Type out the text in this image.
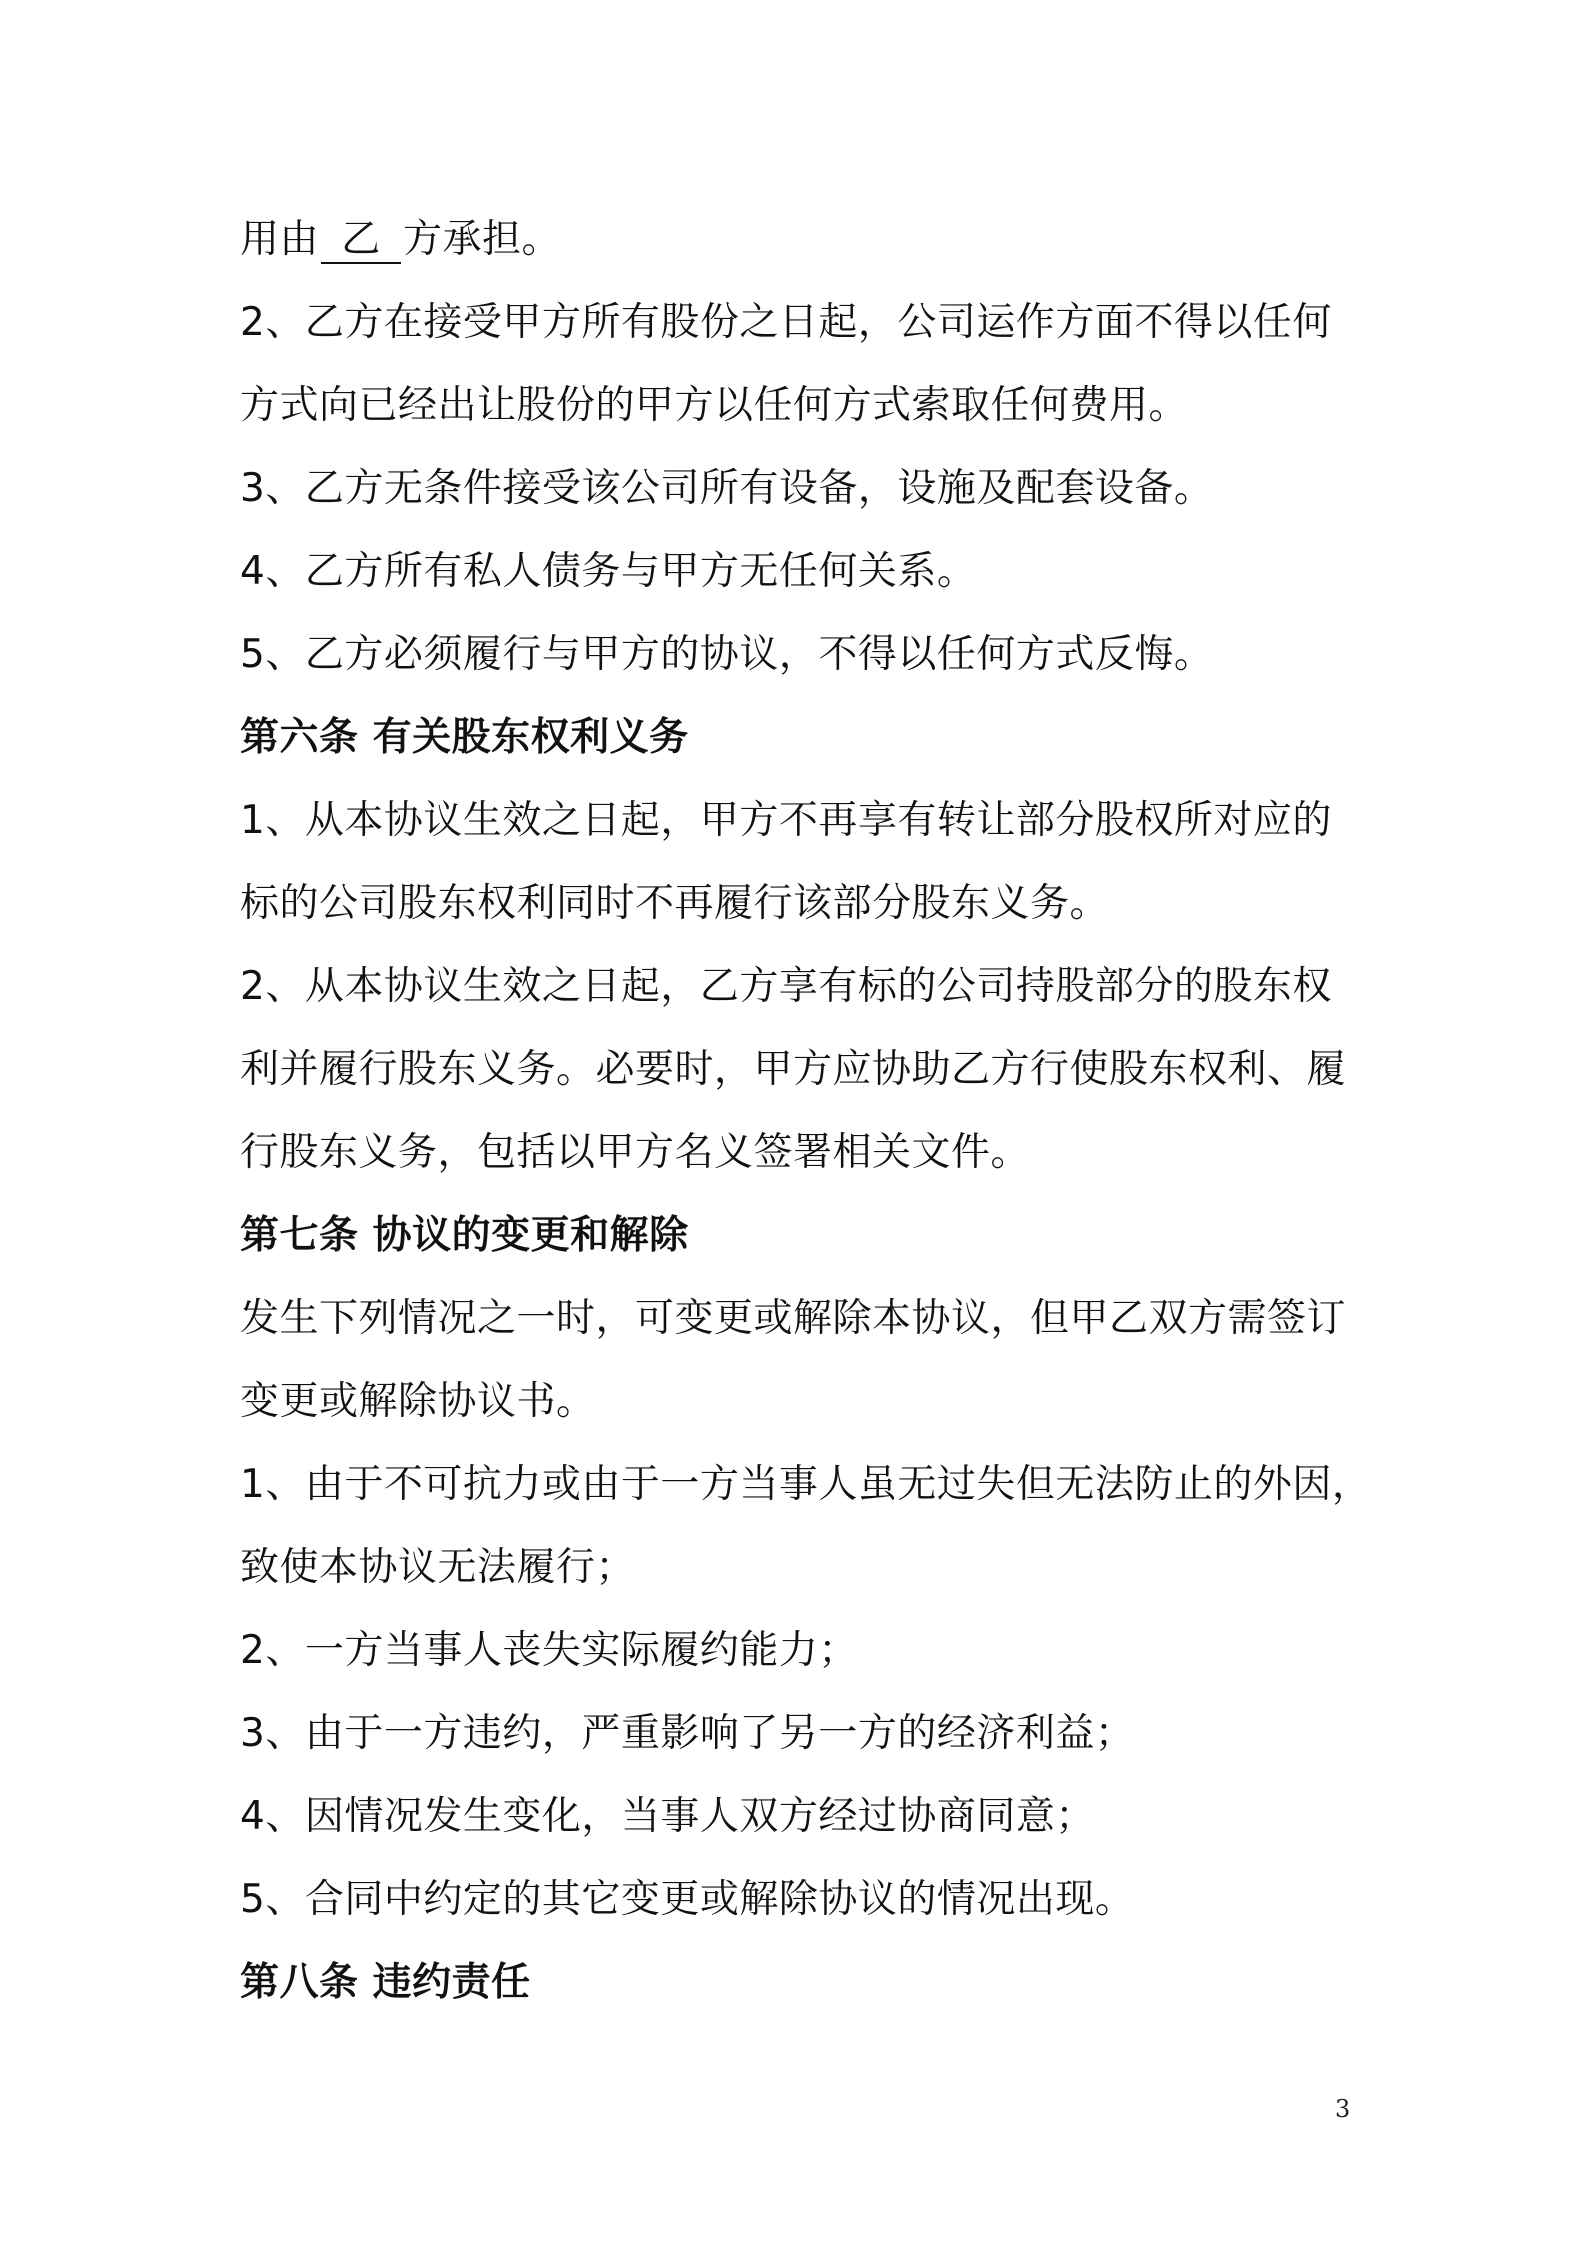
用由 乙 方承担。
2、乙方在接受甲方所有股份之日起，公司运作方面不得以任何
方式向已经出让股份的甲方以任何方式索取任何费用。
3、乙方无条件接受该公司所有设备，设施及配套设备。
4、乙方所有私人债务与甲方无任何关系。
5、乙方必须履行与甲方的协议，不得以任何方式反悔。
第六条 有关股东权利义务
1、从本协议生效之日起，甲方不再享有转让部分股权所对应的
标的公司股东权利同时不再履行该部分股东义务。
2、从本协议生效之日起，乙方享有标的公司持股部分的股东权
利并履行股东义务。必要时，甲方应协助乙方行使股东权利、履
行股东义务，包括以甲方名义签署相关文件。
第七条 协议的变更和解除
发生下列情况之一时，可变更或解除本协议，但甲乙双方需签订
变更或解除协议书。
1、由于不可抗力或由于一方当事人虽无过失但无法防止的外因，
致使本协议无法履行；
2、一方当事人丧失实际履约能力；
3、由于一方违约，严重影响了另一方的经济利益；
4、因情况发生变化，当事人双方经过协商同意；
5、合同中约定的其它变更或解除协议的情况出现。
第八条 违约责任
3
